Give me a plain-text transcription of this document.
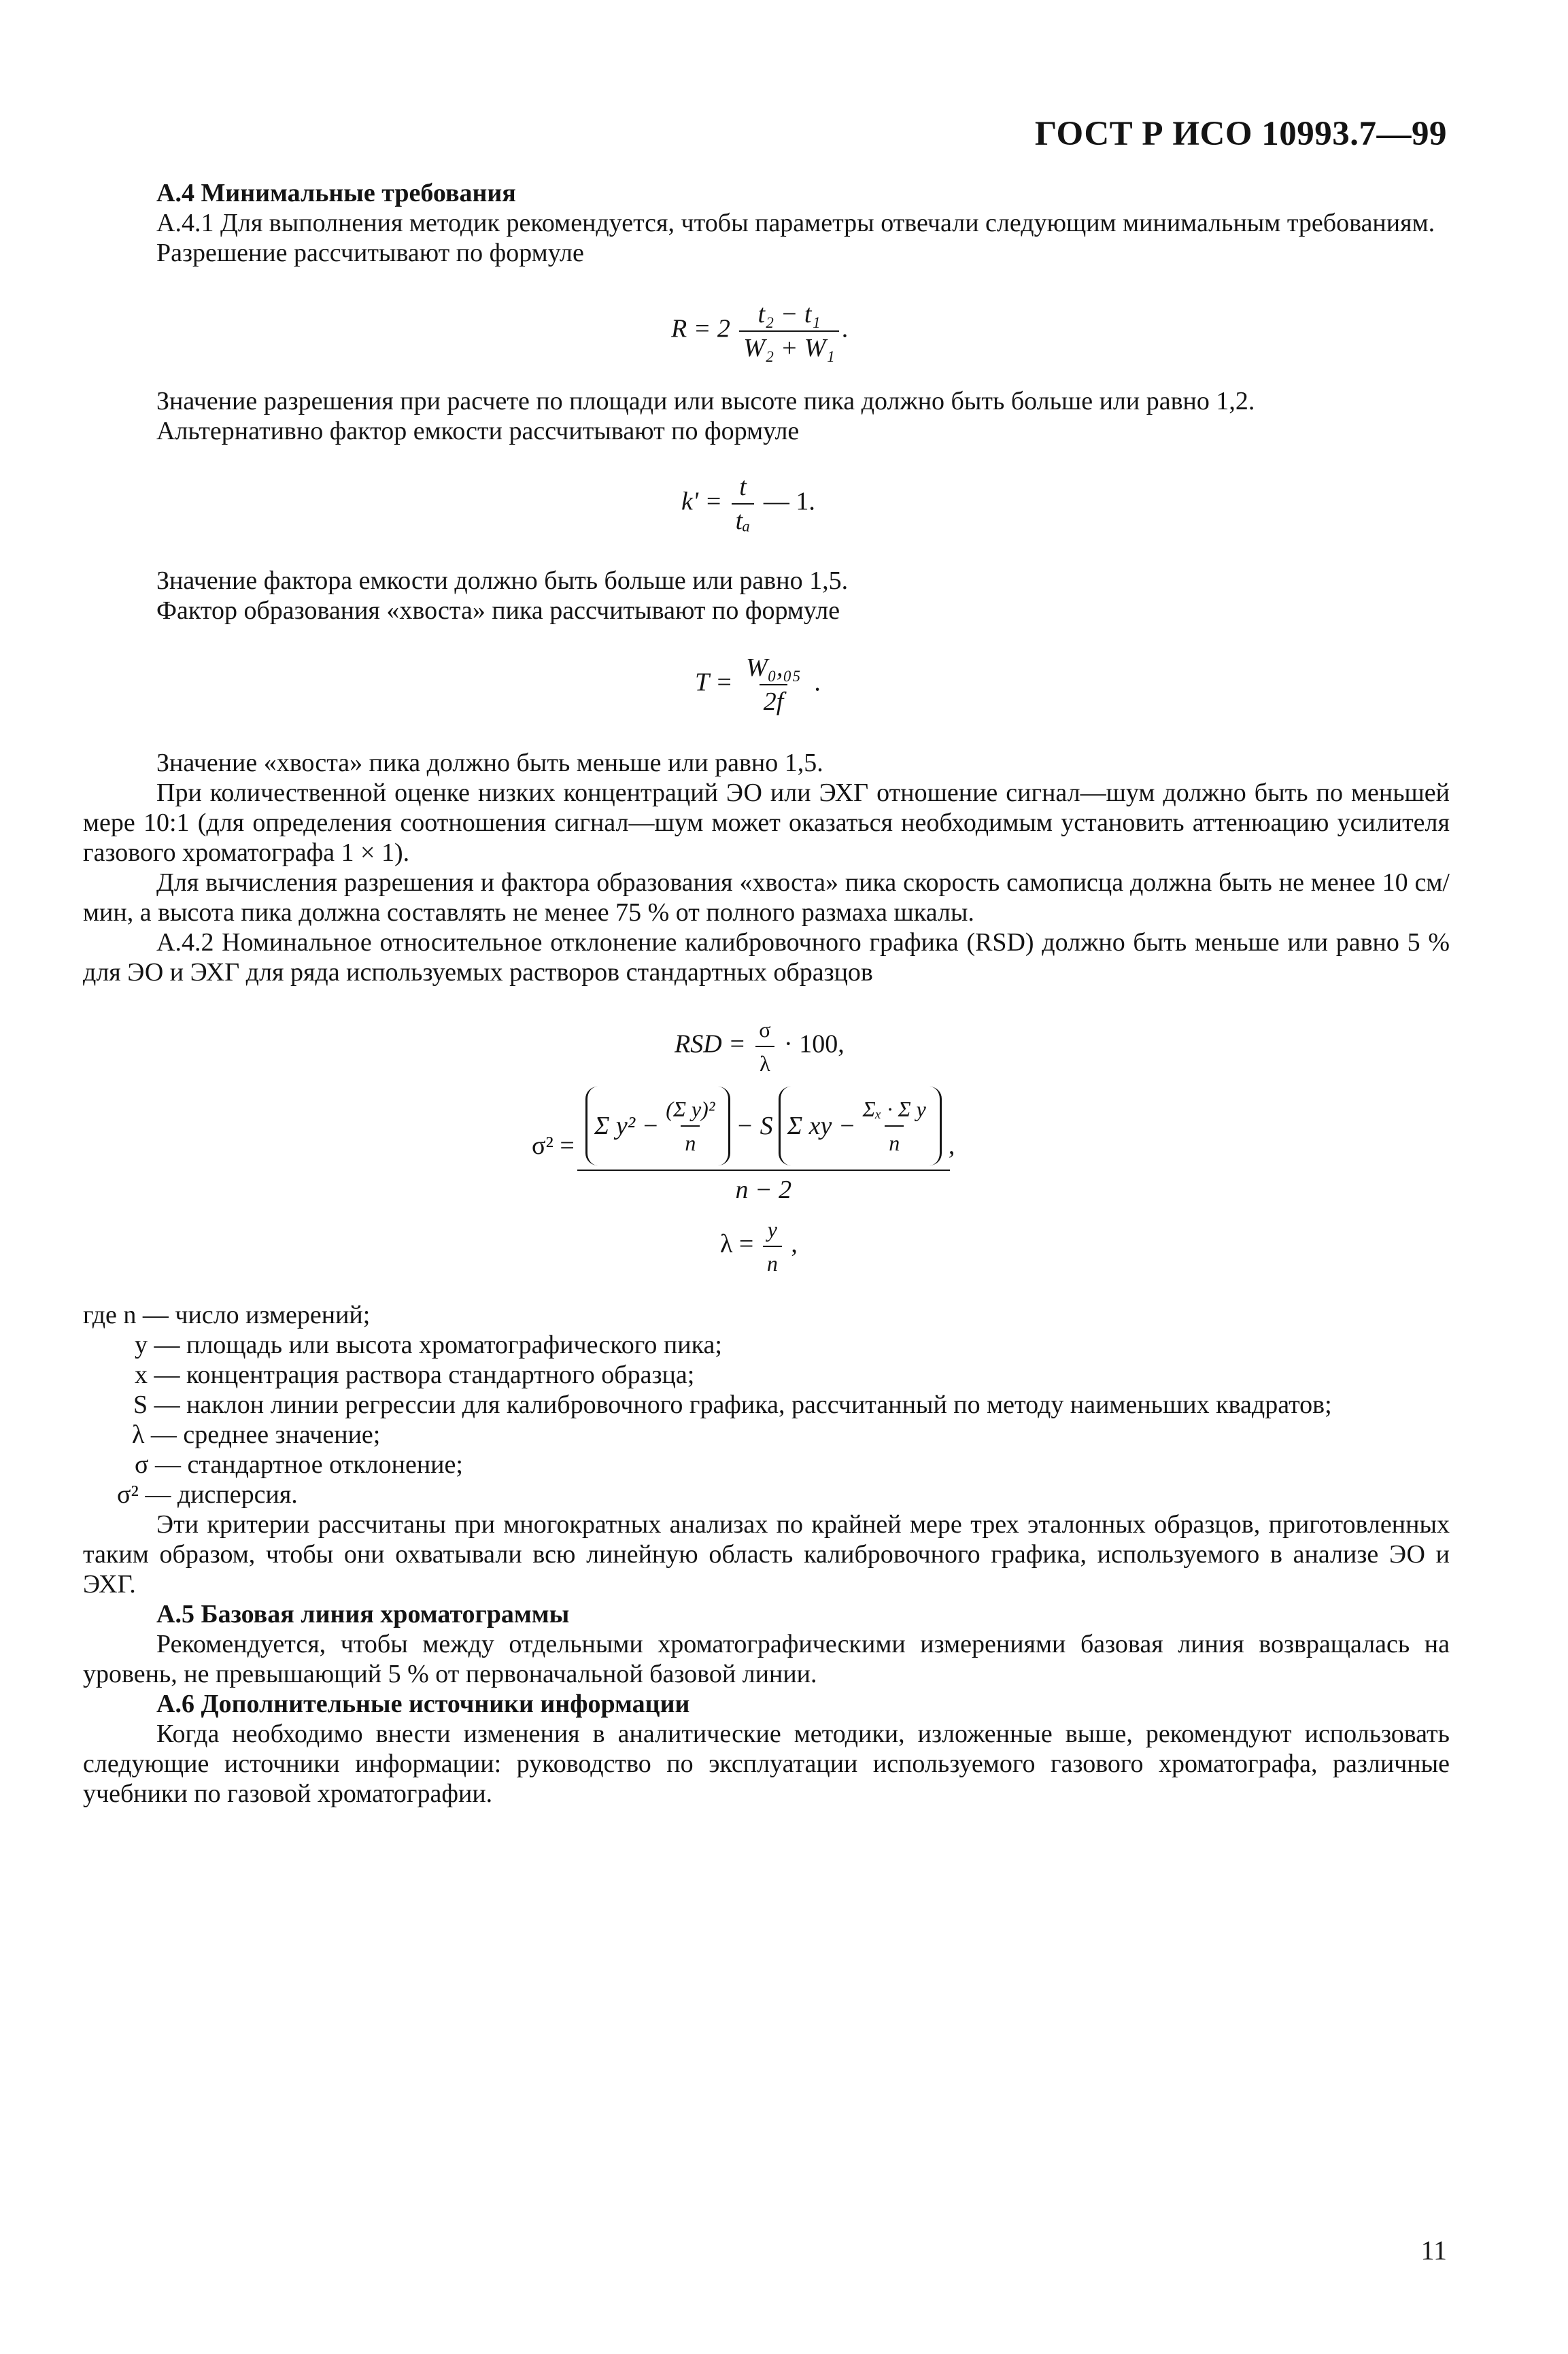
ГОСТ Р ИСО 10993.7—99

А.4 Минимальные требования

А.4.1 Для выполнения методик рекомендуется, чтобы параметры отвечали следующим минимальным требованиям.

Разрешение рассчитывают по формуле

$R = 2 \frac{\text{t₂ − t₁}}{\text{W₂ + W₁}}$ .

Значение разрешения при расчете по площади или высоте пика должно быть больше или равно 1,2.

Альтернативно фактор емкости рассчитывают по формуле

$k' = \frac{t}{\text{tₐ}}$ — 1.

Значение фактора емкости должно быть больше или равно 1,5.

Фактор образования «хвоста» пика рассчитывают по формуле

$T = \frac{\text{W₀,₀₅}}{2f}$ .

Значение «хвоста» пика должно быть меньше или равно 1,5.

При количественной оценке низких концентраций ЭО или ЭХГ отношение сигнал—шум должно быть по меньшей мере 10:1 (для определения соотношения сигнал—шум может оказаться необходимым установить аттенюацию усилителя газового хроматографа 1 × 1).

Для вычисления разрешения и фактора образования «хвоста» пика скорость самописца должна быть не менее 10 см/мин, а высота пика должна составлять не менее 75 % от полного размаха шкалы.

А.4.2 Номинальное относительное отклонение калибровочного графика (RSD) должно быть меньше или равно 5 % для ЭО и ЭХГ для ряда используемых растворов стандартных образцов

RSD = $\frac{\sigma}{\lambda} \cdot 100$,
σ² =
Σ $y^2 - \frac{\text{(Σ y)²}}{n} - S$ Σ xy − $\frac{\text{Σₓ · Σ y}}{n}$
n − 2
,
$\lambda = \frac{y}{n}$ ,

где n — число измерений;

y — площадь или высота хроматографического пика;

x — концентрация раствора стандартного образца;

S — наклон линии регрессии для калибровочного графика, рассчитанный по методу наименьших квадратов;

λ — среднее значение;

σ — стандартное отклонение;

σ² — дисперсия.

Эти критерии рассчитаны при многократных анализах по крайней мере трех эталонных образцов, приготовленных таким образом, чтобы они охватывали всю линейную область калибровочного графика, используемого в анализе ЭО и ЭХГ.

А.5 Базовая линия хроматограммы

Рекомендуется, чтобы между отдельными хроматографическими измерениями базовая линия возвращалась на уровень, не превышающий 5 % от первоначальной базовой линии.

А.6 Дополнительные источники информации

Когда необходимо внести изменения в аналитические методики, изложенные выше, рекомендуют использовать следующие источники информации: руководство по эксплуатации используемого газового хроматографа, различные учебники по газовой хроматографии.

11
